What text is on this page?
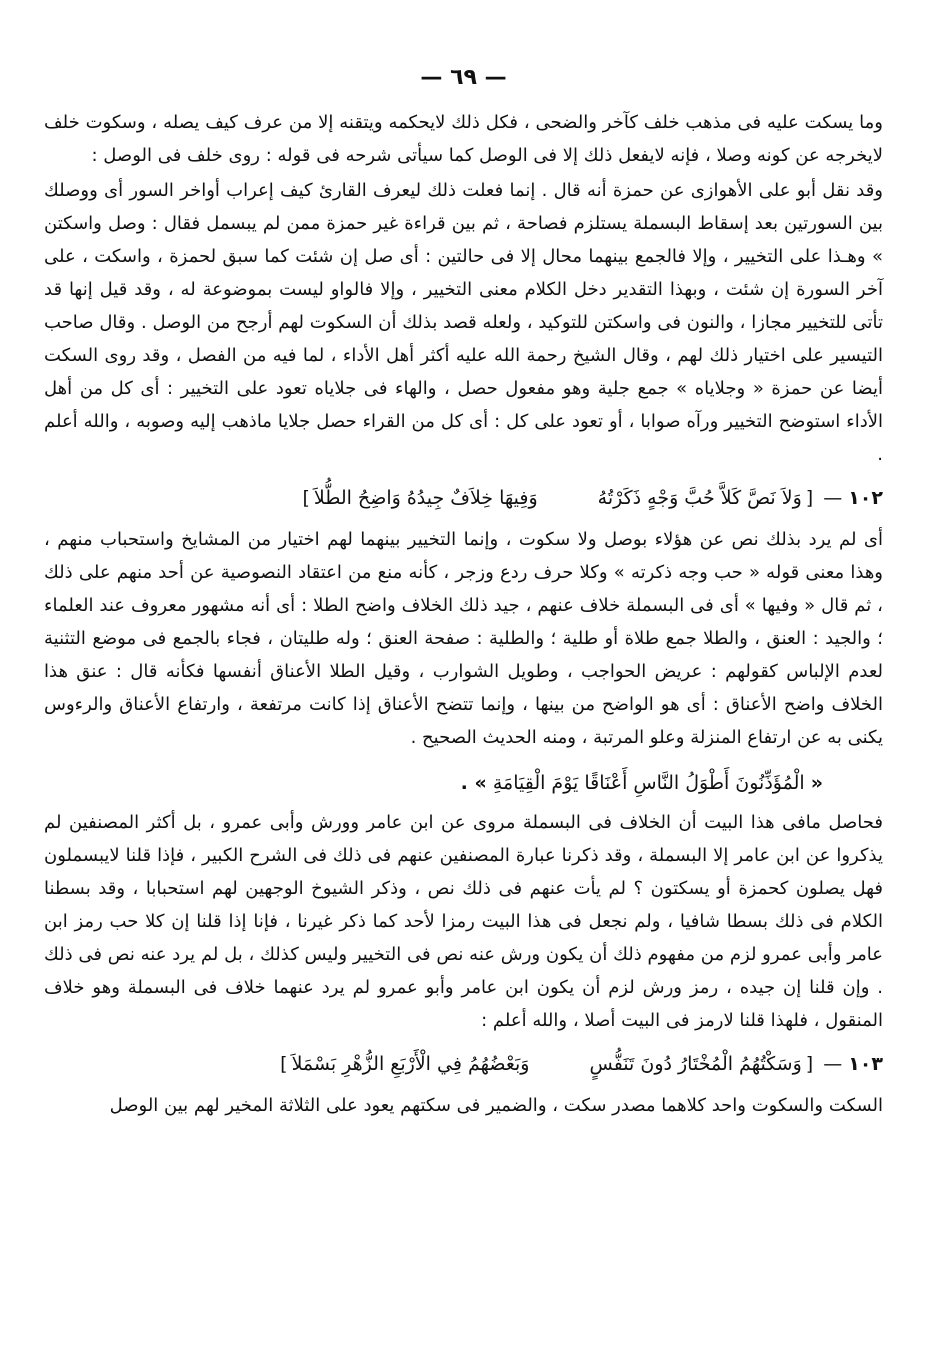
— ٦٩ —

وما يسكت عليه فى مذهب خلف كآخر والضحى ، فكل ذلك لايحكمه ويتقنه إلا من عرف كيف يصله ، وسكوت خلف لايخرجه عن كونه وصلا ، فإنه لايفعل ذلك إلا فى الوصل كما سيأتى شرحه فى قوله : روى خلف فى الوصل :

وقد نقل أبو على الأهوازى عن حمزة أنه قال . إنما فعلت ذلك ليعرف القارئ كيف إعراب أواخر السور أى ووصلك بين السورتين بعد إسقاط البسملة يستلزم فصاحة ، ثم بين قراءة غير حمزة ممن لم يبسمل فقال : وصل واسكتن » وهـذا على التخيير ، وإلا فالجمع بينهما محال إلا فى حالتين : أى صل إن شئت كما سبق لحمزة ، واسكت ، على آخر السورة إن شئت ، وبهذا التقدير دخل الكلام معنى التخيير ، وإلا فالواو ليست بموضوعة له ، وقد قيل إنها قد تأتى للتخيير مجازا ، والنون فى واسكتن للتوكيد ، ولعله قصد بذلك أن السكوت لهم أرجح من الوصل . وقال صاحب التيسير على اختيار ذلك لهم ، وقال الشيخ رحمة الله عليه أكثر أهل الأداء ، لما فيه من الفصل ، وقد روى السكت أيضا عن حمزة « وجلاياه » جمع جلية وهو مفعول حصل ، والهاء فى جلاياه تعود على التخيير : أى كل من أهل الأداء استوضح التخيير ورآه صوابا ، أو تعود على كل : أى كل من القراء حصل جلايا ماذهب إليه وصوبه ، والله أعلم .

١٠٢
—
[
وَلاَ نَصَّ كَلاَّ حُبَّ وَجْهٍ ذَكَرْتُهُ
وَفِيهَا خِلاَفٌ جِيدُهُ وَاضِحُ الطُّلاَ
]

أى لم يرد بذلك نص عن هؤلاء بوصل ولا سكوت ، وإنما التخيير بينهما لهم اختيار من المشايخ واستحباب منهم ، وهذا معنى قوله « حب وجه ذكرته » وكلا حرف ردع وزجر ، كأنه منع من اعتقاد النصوصية عن أحد منهم على ذلك ، ثم قال « وفيها » أى فى البسملة خلاف عنهم ، جيد ذلك الخلاف واضح الطلا : أى أنه مشهور معروف عند العلماء ؛ والجيد : العنق ، والطلا جمع طلاة أو طلية ؛ والطلية : صفحة العنق ؛ وله طليتان ، فجاء بالجمع فى موضع التثنية لعدم الإلباس كقولهم : عريض الحواجب ، وطويل الشوارب ، وقيل الطلا الأعناق أنفسها فكأنه قال : عنق هذا الخلاف واضح الأعناق : أى هو الواضح من بينها ، وإنما تتضح الأعناق إذا كانت مرتفعة ، وارتفاع الأعناق والرءوس يكنى به عن ارتفاع المنزلة وعلو المرتبة ، ومنه الحديث الصحيح .

« الْمُؤَذِّنُونَ أَطْوَلُ النَّاسِ أَعْنَاقًا يَوْمَ الْقِيَامَةِ » .

فحاصل مافى هذا البيت أن الخلاف فى البسملة مروى عن ابن عامر وورش وأبى عمرو ، بل أكثر المصنفين لم يذكروا عن ابن عامر إلا البسملة ، وقد ذكرنا عبارة المصنفين عنهم فى ذلك فى الشرح الكبير ، فإذا قلنا لايبسملون فهل يصلون كحمزة أو يسكتون ؟ لم يأت عنهم فى ذلك نص ، وذكر الشيوخ الوجهين لهم استحبابا ، وقد بسطنا الكلام فى ذلك بسطا شافيا ، ولم نجعل فى هذا البيت رمزا لأحد كما ذكر غيرنا ، فإنا إذا قلنا إن كلا حب رمز ابن عامر وأبى عمرو لزم من مفهوم ذلك أن يكون ورش عنه نص فى التخيير وليس كذلك ، بل لم يرد عنه نص فى ذلك . وإن قلنا إن جيده ، رمز ورش لزم أن يكون ابن عامر وأبو عمرو لم يرد عنهما خلاف فى البسملة وهو خلاف المنقول ، فلهذا قلنا لارمز فى البيت أصلا ، والله أعلم :

١٠٣
—
[
وَسَكْتُهُمُ الْمُخْتَارُ دُونَ تَنَفُّسٍ
وَبَعْضُهُمُ فِي الْأَرْبَعِ الزُّهْرِ بَسْمَلاَ
]

السكت والسكوت واحد كلاهما مصدر سكت ، والضمير فى سكتهم يعود على الثلاثة المخير لهم بين الوصل
